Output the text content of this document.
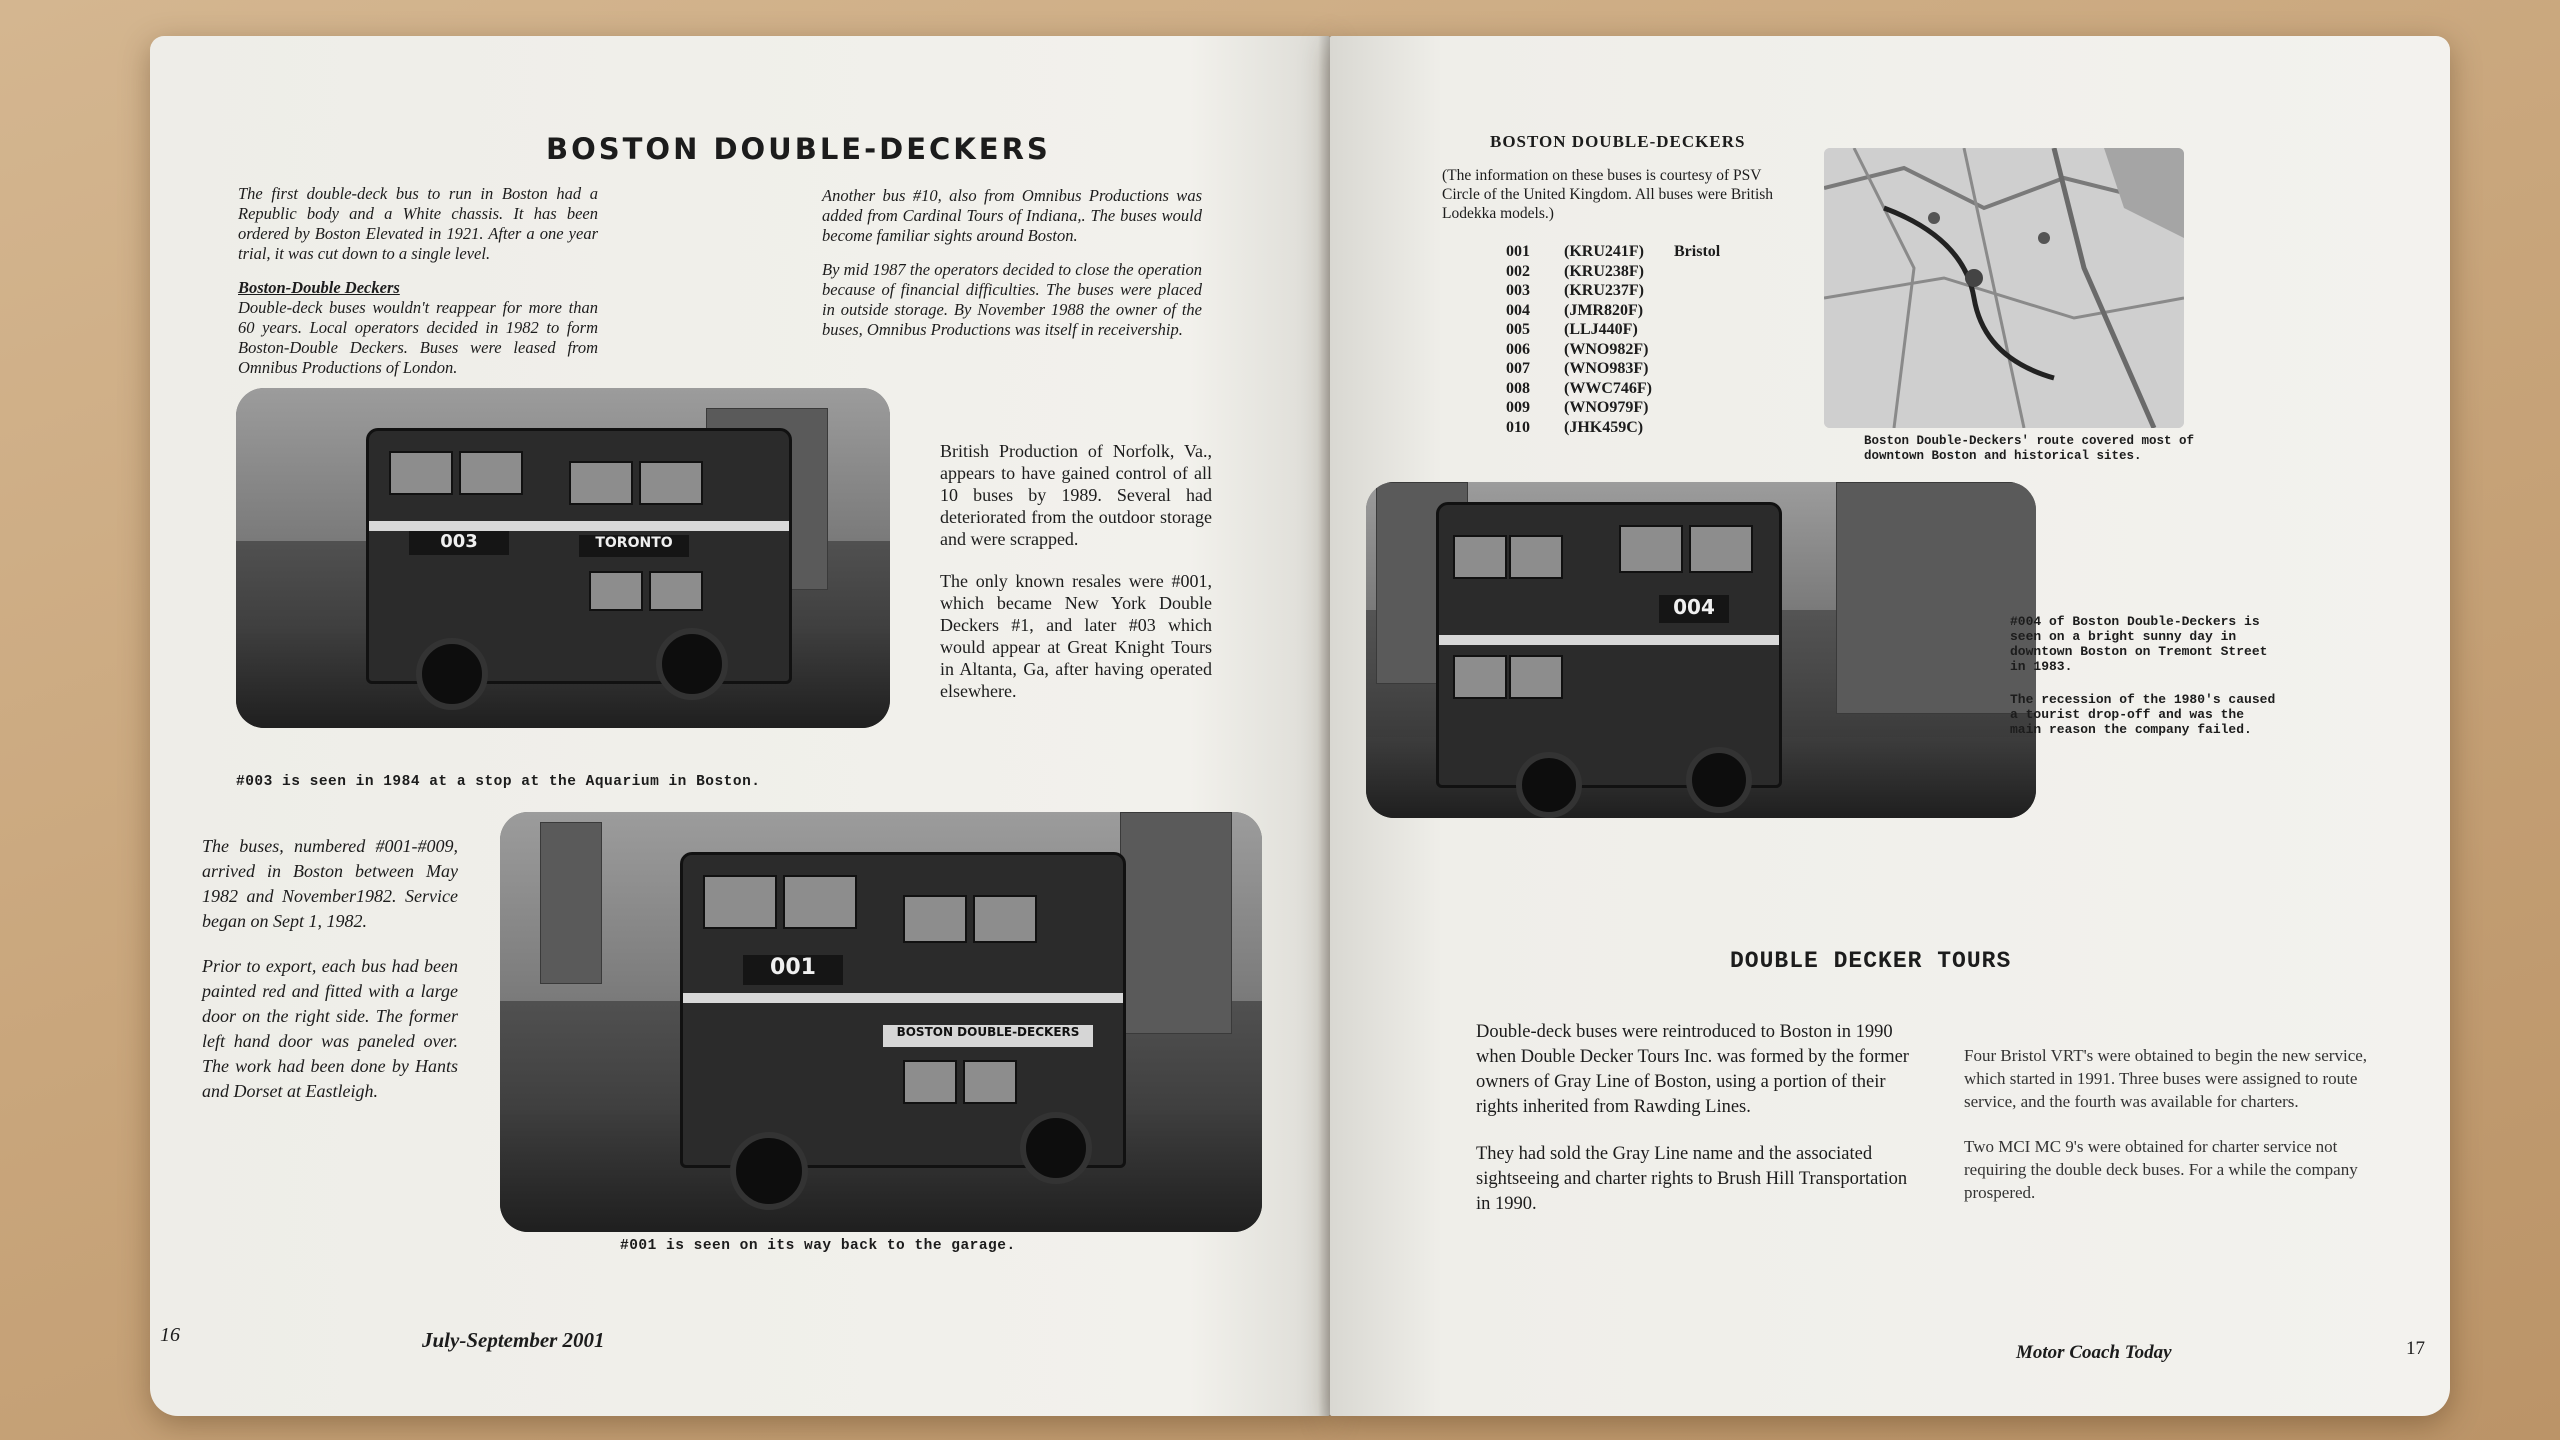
BOSTON DOUBLE-DECKERS

The first double-deck bus to run in Boston had a Republic body and a White chassis. It has been ordered by Boston Elevated in 1921. After a one year trial, it was cut down to a single level.

Boston-Double Deckers

Double-deck buses wouldn't reappear for more than 60 years. Local operators decided in 1982 to form Boston-Double Deckers. Buses were leased from Omnibus Productions of London.

Another bus #10, also from Omnibus Productions was added from Cardinal Tours of Indiana,. The buses would become familiar sights around Boston.

By mid 1987 the operators decided to close the operation because of financial difficulties. The buses were placed in outside storage. By November 1988 the owner of the buses, Omnibus Productions was itself in receivership.

003	TORONTO
#003 is seen in 1984 at a stop at the Aquarium in Boston.

British Production of Norfolk, Va., appears to have gained control of all 10 buses by 1989. Several had deteriorated from the outdoor storage and were scrapped.

The only known resales were #001, which became New York Double Deckers #1, and later #03 which would appear at Great Knight Tours in Altanta, Ga, after having operated elsewhere.

The buses, numbered #001-#009, arrived in Boston between May 1982 and November1982. Service began on Sept 1, 1982.

Prior to export, each bus had been painted red and fitted with a large door on the right side. The former left hand door was paneled over. The work had been done by Hants and Dorset at Eastleigh.

001
BOSTON DOUBLE-DECKERS
#001 is seen on its way back to the garage.
16	July-September 2001
BOSTON DOUBLE-DECKERS
(The information on these buses is courtesy of PSV Circle of the United Kingdom. All buses were British Lodekka models.)
001	(KRU241F)	Bristol
002	(KRU238F)
003	(KRU237F)
004	(JMR820F)
005	(LLJ440F)
006	(WNO982F)
007	(WNO983F)
008	(WWC746F)
009	(WNO979F)
010	(JHK459C)
Boston Double-Deckers' route covered most of downtown Boston and historical sites.
004
#004 of Boston Double-Deckers is seen on a bright sunny day in downtown Boston on Tremont Street in 1983.
The recession of the 1980's caused a tourist drop-off and was the main reason the company failed.
DOUBLE DECKER TOURS

Double-deck buses were reintroduced to Boston in 1990 when Double Decker Tours Inc. was formed by the former owners of Gray Line of Boston, using a portion of their rights inherited from Rawding Lines.

They had sold the Gray Line name and the associated sightseeing and charter rights to Brush Hill Transportation in 1990.

Four Bristol VRT's were obtained to begin the new service, which started in 1991. Three buses were assigned to route service, and the fourth was available for charters.

Two MCI MC 9's were obtained for charter service not requiring the double deck buses. For a while the company prospered.

Motor Coach Today	17
